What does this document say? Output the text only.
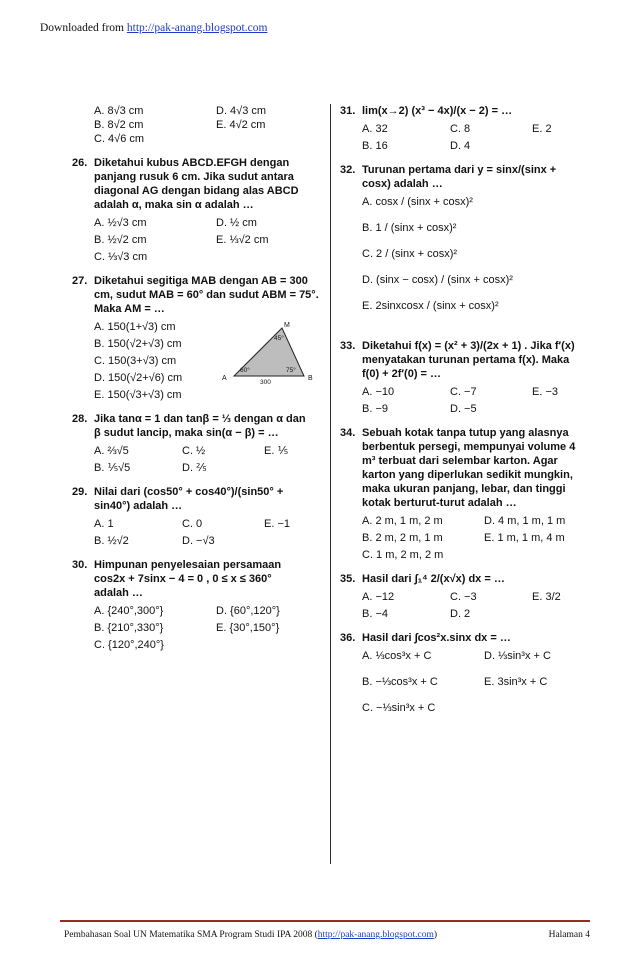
Downloaded from http://pak-anang.blogspot.com
A. 8√3 cm	D. 4√3 cm
B. 8√2 cm	E. 4√2 cm
C. 4√6 cm
26. Diketahui kubus ABCD.EFGH dengan panjang rusuk 6 cm. Jika sudut antara diagonal AG dengan bidang alas ABCD adalah α, maka sin α adalah …
A. ½√3 cm	D. ½ cm
B. ½√2 cm	E. ⅓√2 cm
C. ⅓√3 cm
27. Diketahui segitiga MAB dengan AB = 300 cm, sudut MAB = 60° dan sudut ABM = 75°. Maka AM = …
A. 150(1+√3) cm
B. 150(√2+√3) cm
C. 150(3+√3) cm
D. 150(√2+√6) cm
E. 150(√3+√3) cm
M
A	B
45°
60°	75°
300
28. Jika tanα = 1 dan tanβ = ⅓ dengan α dan
β sudut lancip, maka sin(α − β) = …
A. ⅔√5	C. ½	E. ⅕
B. ⅕√5	D. ⅖
29. Nilai dari (cos50° + cos40°)/(sin50° + sin40°) adalah …
A. 1	C. 0	E. −1
B. ½√2	D. −√3
30. Himpunan penyelesaian persamaan
cos2x + 7sinx − 4 = 0 , 0 ≤ x ≤ 360°
adalah …
A. {240°,300°}	D. {60°,120°}
B. {210°,330°}	E. {30°,150°}
C. {120°,240°}
31. lim(x→2) (x³ − 4x)/(x − 2) = …
A. 32	C. 8	E. 2
B. 16	D. 4
32. Turunan pertama dari y = sinx/(sinx + cosx) adalah …
A. cosx / (sinx + cosx)²
B. 1 / (sinx + cosx)²
C. 2 / (sinx + cosx)²
D. (sinx − cosx) / (sinx + cosx)²
E. 2sinxcosx / (sinx + cosx)²
33. Diketahui f(x) = (x² + 3)/(2x + 1) . Jika f′(x)
menyatakan turunan pertama f(x). Maka f(0) + 2f′(0) = …
A. −10	C. −7	E. −3
B. −9	D. −5
34. Sebuah kotak tanpa tutup yang alasnya berbentuk persegi, mempunyai volume 4 m³ terbuat dari selembar karton. Agar karton yang diperlukan sedikit mungkin, maka ukuran panjang, lebar, dan tinggi kotak berturut-turut adalah …
A. 2 m, 1 m, 2 m	D. 4 m, 1 m, 1 m
B. 2 m, 2 m, 1 m	E. 1 m, 1 m, 4 m
C. 1 m, 2 m, 2 m
35. Hasil dari ∫₁⁴ 2/(x√x) dx = …
A. −12	C. −3	E. 3/2
B. −4	D. 2
36. Hasil dari ∫cos²x.sinx dx = …
A. ⅓cos³x + C	D. ⅓sin³x + C
B. −⅓cos³x + C	E. 3sin³x + C
C. −⅓sin³x + C
Pembahasan Soal UN Matematika SMA Program Studi IPA 2008 (http://pak-anang.blogspot.com)	Halaman 4
